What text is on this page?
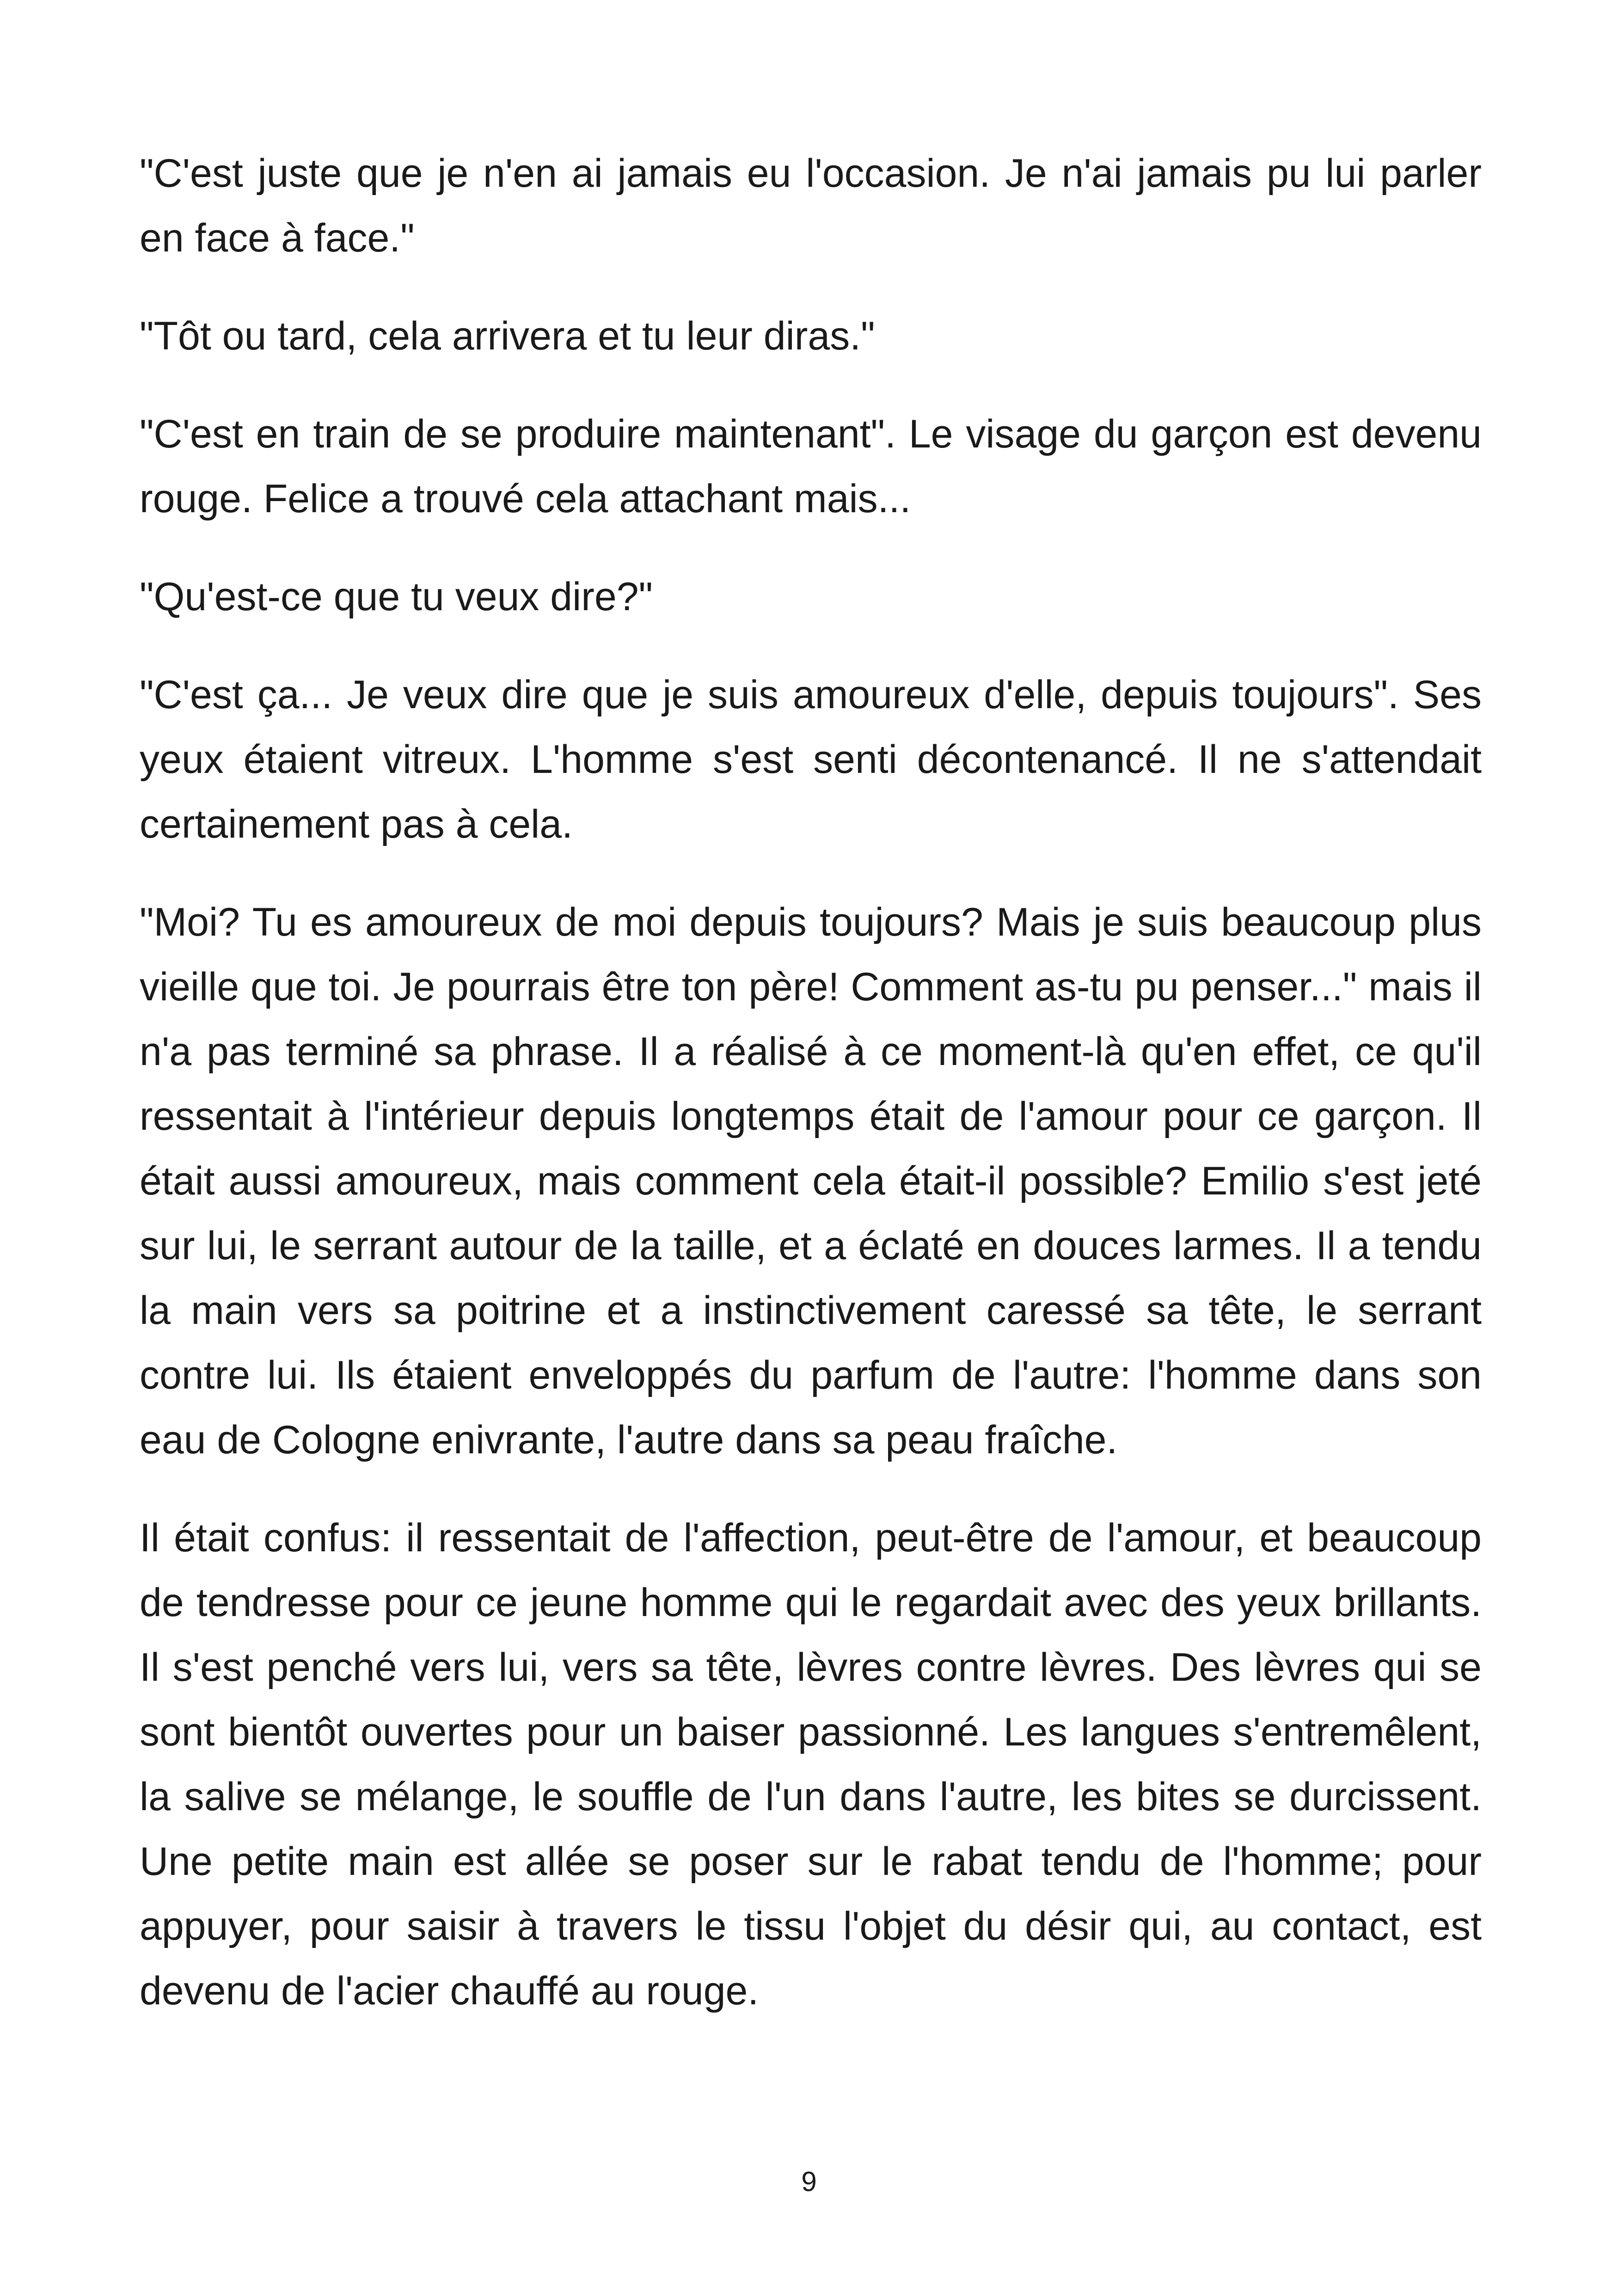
"C'est juste que je n'en ai jamais eu l'occasion. Je n'ai jamais pu lui parler en face à face."

"Tôt ou tard, cela arrivera et tu leur diras."

"C'est en train de se produire maintenant". Le visage du garçon est devenu rouge. Felice a trouvé cela attachant mais...

"Qu'est-ce que tu veux dire?"

"C'est ça... Je veux dire que je suis amoureux d'elle, depuis toujours". Ses yeux étaient vitreux. L'homme s'est senti décontenancé. Il ne s'attendait certainement pas à cela.

"Moi? Tu es amoureux de moi depuis toujours? Mais je suis beaucoup plus vieille que toi. Je pourrais être ton père! Comment as-tu pu penser..." mais il n'a pas terminé sa phrase. Il a réalisé à ce moment-là qu'en effet, ce qu'il ressentait à l'intérieur depuis longtemps était de l'amour pour ce garçon. Il était aussi amoureux, mais comment cela était-il possible? Emilio s'est jeté sur lui, le serrant autour de la taille, et a éclaté en douces larmes. Il a tendu la main vers sa poitrine et a instinctivement caressé sa tête, le serrant contre lui. Ils étaient enveloppés du parfum de l'autre: l'homme dans son eau de Cologne enivrante, l'autre dans sa peau fraîche.

Il était confus: il ressentait de l'affection, peut-être de l'amour, et beaucoup de tendresse pour ce jeune homme qui le regardait avec des yeux brillants. Il s'est penché vers lui, vers sa tête, lèvres contre lèvres. Des lèvres qui se sont bientôt ouvertes pour un baiser passionné. Les langues s'entremêlent, la salive se mélange, le souffle de l'un dans l'autre, les bites se durcissent. Une petite main est allée se poser sur le rabat tendu de l'homme; pour appuyer, pour saisir à travers le tissu l'objet du désir qui, au contact, est devenu de l'acier chauffé au rouge.

9
